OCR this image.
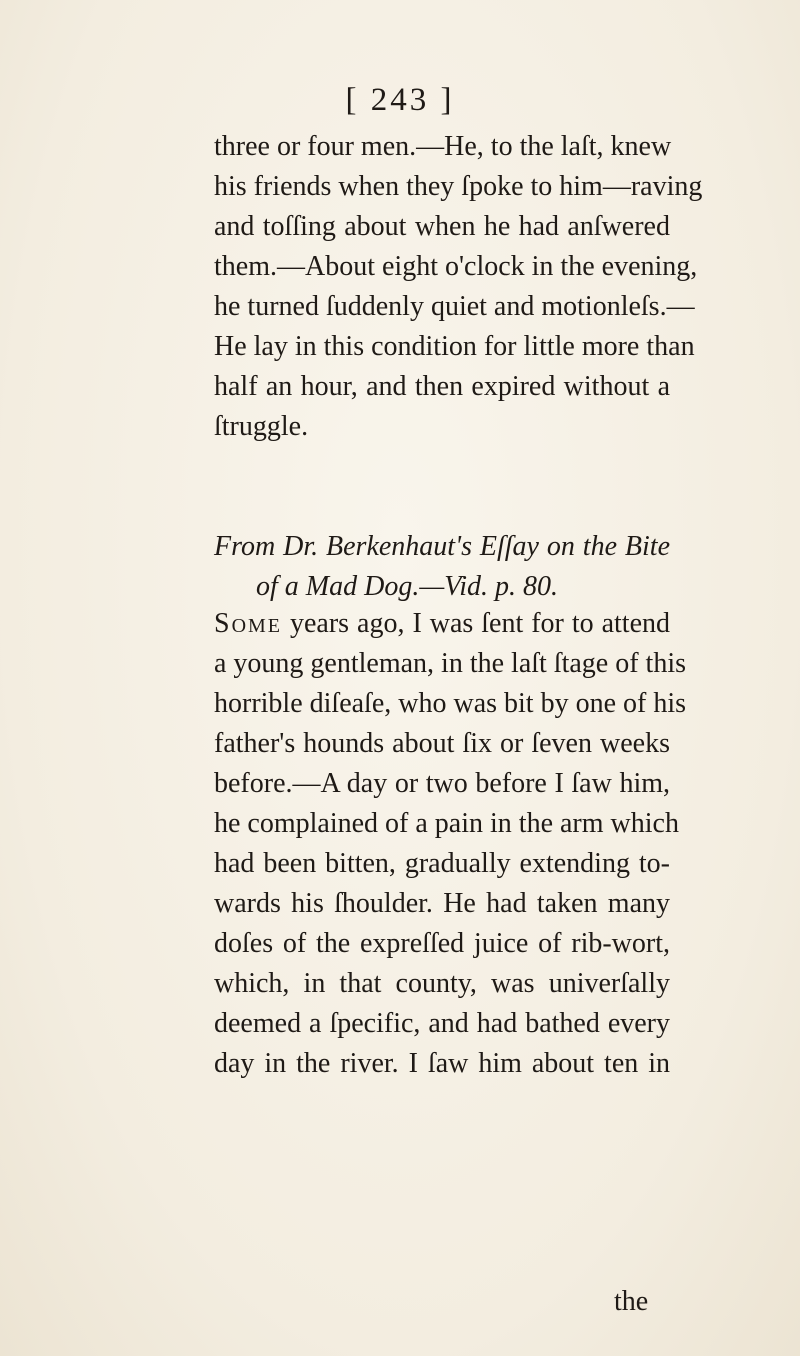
[ 243 ]
three or four men.—He, to the laſt, knew
his friends when they ſpoke to him—raving
and toſſing about when he had anſwered
them.—About eight o'clock in the evening,
he turned ſuddenly quiet and motionleſs.—
He lay in this condition for little more than
half an hour, and then expired without a
ſtruggle.
From Dr. Berkenhaut's Eſſay on the Bite
of a Mad Dog.—Vid. p. 80.
Some years ago, I was ſent for to attend
a young gentleman, in the laſt ſtage of this
horrible diſeaſe, who was bit by one of his
father's hounds about ſix or ſeven weeks
before.—A day or two before I ſaw him,
he complained of a pain in the arm which
had been bitten, gradually extending to-
wards his ſhoulder. He had taken many
doſes of the expreſſed juice of rib-wort,
which, in that county, was univerſally
deemed a ſpecific, and had bathed every
day in the river. I ſaw him about ten in
the
